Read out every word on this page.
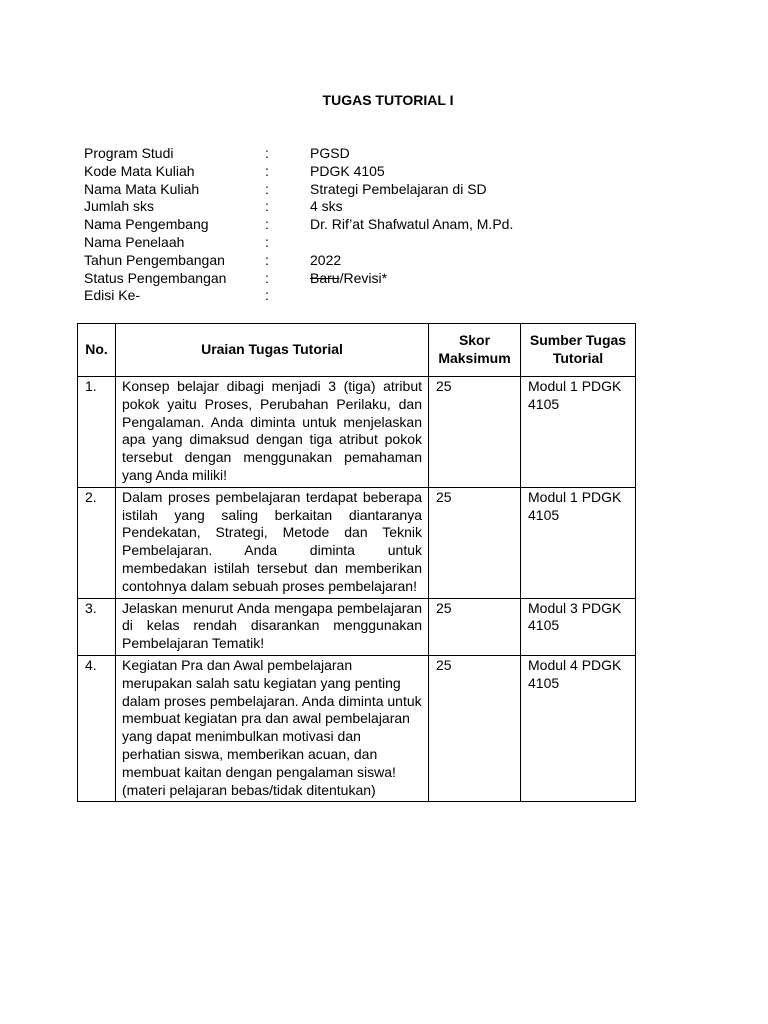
TUGAS TUTORIAL I
Program Studi	:	PGSD
Kode Mata Kuliah	:	PDGK 4105
Nama Mata Kuliah	:	Strategi Pembelajaran di SD
Jumlah sks	:	4 sks
Nama Pengembang	:	Dr. Rif’at Shafwatul Anam, M.Pd.
Nama Penelaah	:
Tahun Pengembangan	:	2022
Status Pengembangan	:	Baru/Revisi*
Edisi Ke-	:
No.	Uraian Tugas Tutorial	Skor Maksimum	Sumber Tugas Tutorial
1.	Konsep belajar dibagi menjadi 3 (tiga) atribut pokok yaitu Proses, Perubahan Perilaku, dan Pengalaman. Anda diminta untuk menjelaskan apa yang dimaksud dengan tiga atribut pokok tersebut dengan menggunakan pemahaman yang Anda miliki!	25	Modul 1 PDGK 4105
2.	Dalam proses pembelajaran terdapat beberapa istilah yang saling berkaitan diantaranya Pendekatan, Strategi, Metode dan Teknik Pembelajaran. Anda diminta untuk membedakan istilah tersebut dan memberikan contohnya dalam sebuah proses pembelajaran!	25	Modul 1 PDGK 4105
3.	Jelaskan menurut Anda mengapa pembelajaran di kelas rendah disarankan menggunakan Pembelajaran Tematik!	25	Modul 3 PDGK 4105
4.	Kegiatan Pra dan Awal pembelajaran merupakan salah satu kegiatan yang penting dalam proses pembelajaran. Anda diminta untuk membuat kegiatan pra dan awal pembelajaran yang dapat menimbulkan motivasi dan perhatian siswa, memberikan acuan, dan membuat kaitan dengan pengalaman siswa! (materi pelajaran bebas/tidak ditentukan)	25	Modul 4 PDGK 4105
